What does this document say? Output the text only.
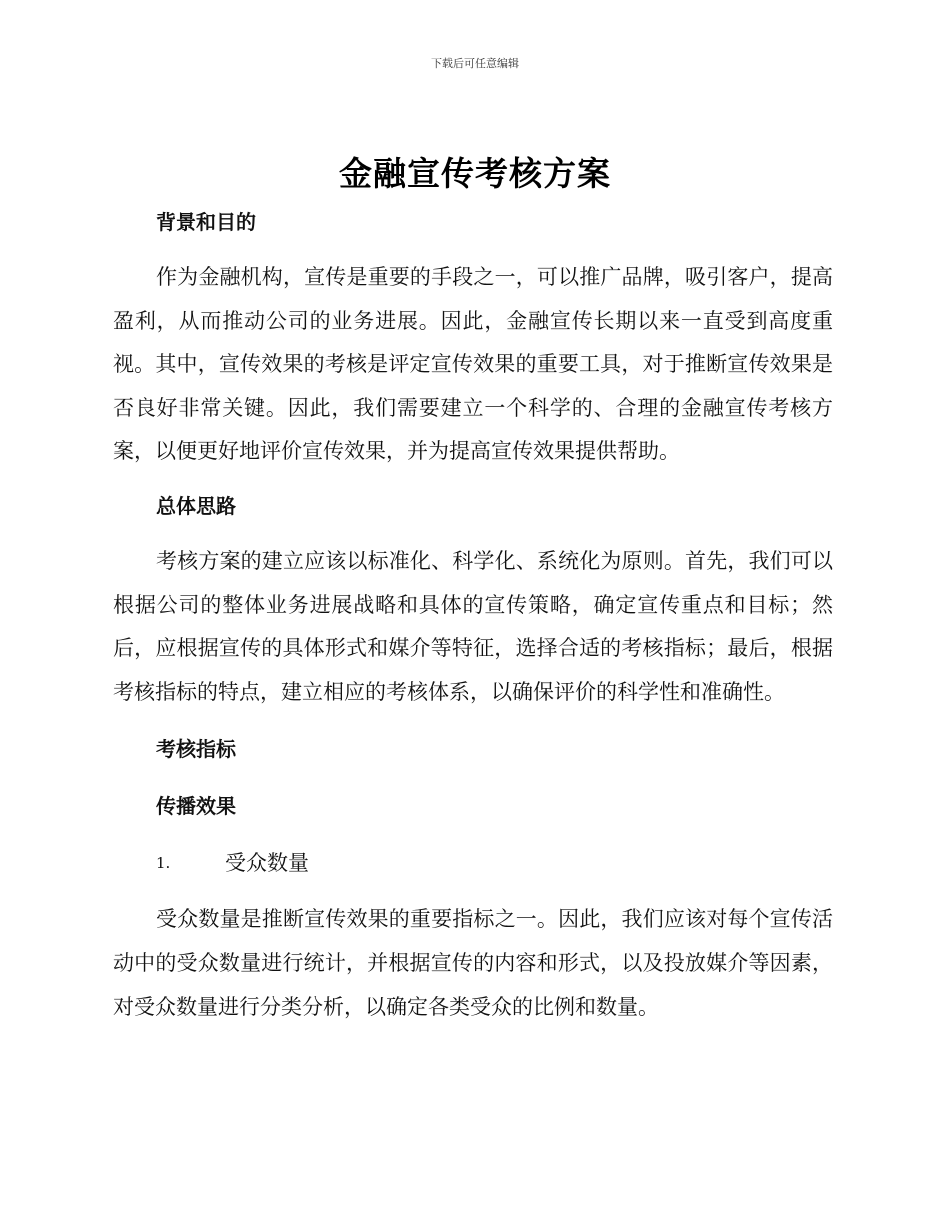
下载后可任意编辑
金融宣传考核方案
背景和目的

作为金融机构，宣传是重要的手段之一，可以推广品牌，吸引客户，提高盈利，从而推动公司的业务进展。因此，金融宣传长期以来一直受到高度重视。其中，宣传效果的考核是评定宣传效果的重要工具，对于推断宣传效果是否良好非常关键。因此，我们需要建立一个科学的、合理的金融宣传考核方案，以便更好地评价宣传效果，并为提高宣传效果提供帮助。

总体思路

考核方案的建立应该以标准化、科学化、系统化为原则。首先，我们可以根据公司的整体业务进展战略和具体的宣传策略，确定宣传重点和目标；然后，应根据宣传的具体形式和媒介等特征，选择合适的考核指标；最后，根据考核指标的特点，建立相应的考核体系，以确保评价的科学性和准确性。

考核指标
传播效果
1.	受众数量

受众数量是推断宣传效果的重要指标之一。因此，我们应该对每个宣传活动中的受众数量进行统计，并根据宣传的内容和形式，以及投放媒介等因素，对受众数量进行分类分析，以确定各类受众的比例和数量。
